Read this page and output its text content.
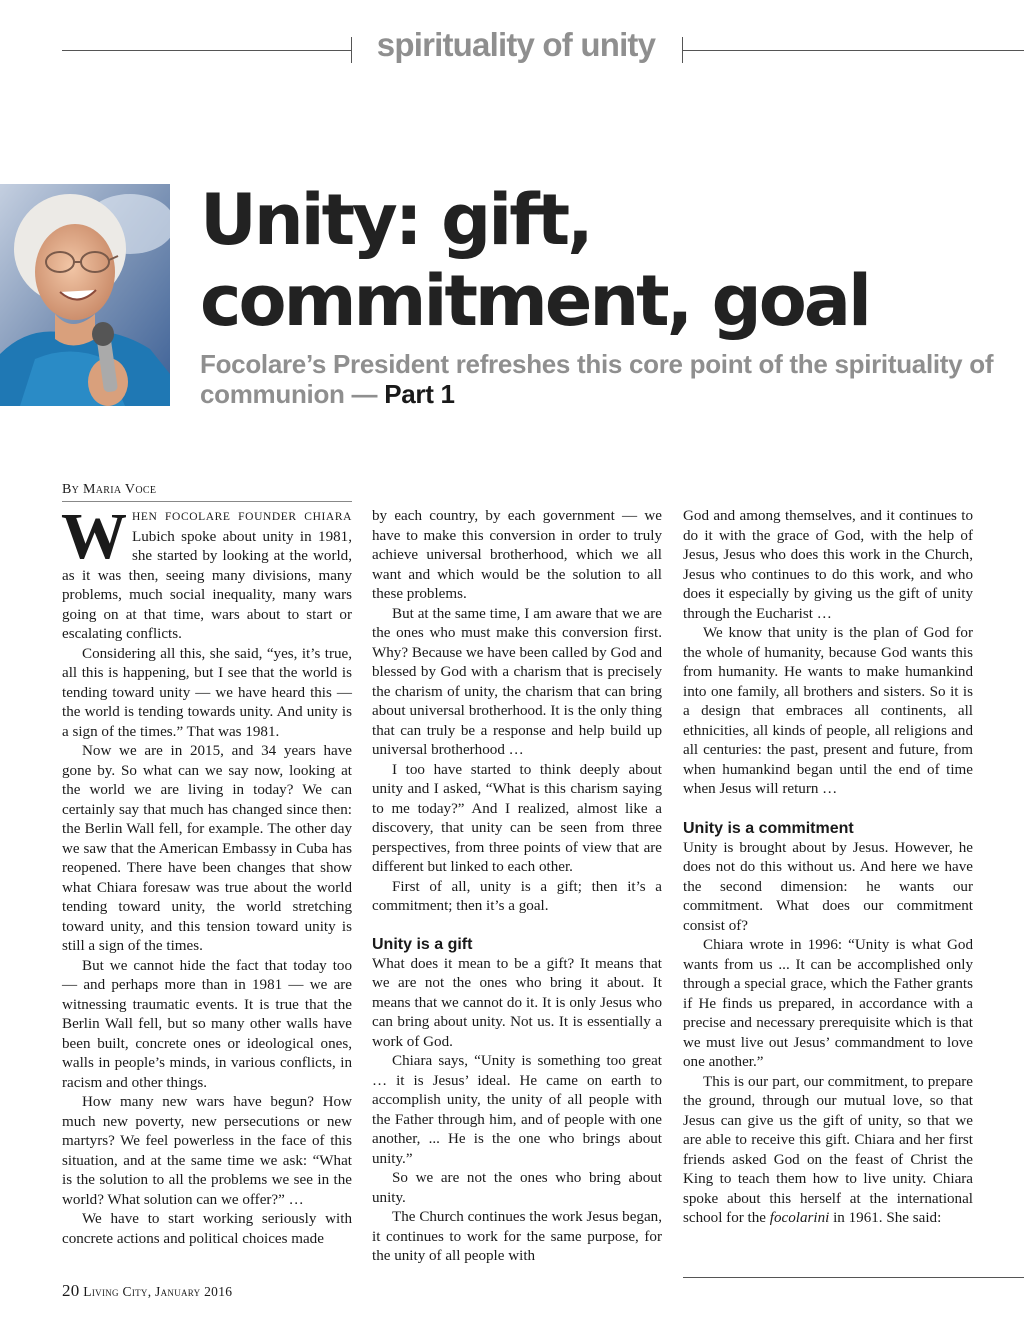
spirituality of unity
Unity: gift,
commitment, goal

Focolare’s President refreshes this core point of the spirituality of communion — Part 1

By Maria Voce

WHEN FOCOLARE FOUNDER CHIARA Lubich spoke about unity in 1981, she started by looking at the world, as it was then, seeing many divisions, many problems, much social inequality, many wars going on at that time, wars about to start or escalating conflicts.

Considering all this, she said, “yes, it’s true, all this is happening, but I see that the world is tending toward unity — we have heard this — the world is tending towards unity. And unity is a sign of the times.” That was 1981.

Now we are in 2015, and 34 years have gone by. So what can we say now, looking at the world we are living in today? We can certainly say that much has changed since then: the Berlin Wall fell, for example. The other day we saw that the American Embassy in Cuba has reopened. There have been changes that show what Chiara foresaw was true about the world tending toward unity, the world stretching toward unity, and this tension toward unity is still a sign of the times.

But we cannot hide the fact that today too — and perhaps more than in 1981 — we are witnessing traumatic events. It is true that the Berlin Wall fell, but so many other walls have been built, concrete ones or ideological ones, walls in people’s minds, in various conflicts, in racism and other things.

How many new wars have begun? How much new poverty, new persecutions or new martyrs? We feel powerless in the face of this situation, and at the same time we ask: “What is the solution to all the problems we see in the world? What solution can we offer?” …

We have to start working seriously with concrete actions and political choices made

by each country, by each government — we have to make this conversion in order to truly achieve universal brotherhood, which we all want and which would be the solution to all these problems.

But at the same time, I am aware that we are the ones who must make this conversion first. Why? Because we have been called by God and blessed by God with a charism that is precisely the charism of unity, the charism that can bring about universal brotherhood. It is the only thing that can truly be a response and help build up universal brotherhood …

I too have started to think deeply about unity and I asked, “What is this charism saying to me today?” And I realized, almost like a discovery, that unity can be seen from three perspectives, from three points of view that are different but linked to each other.

First of all, unity is a gift; then it’s a commitment; then it’s a goal.

Unity is a gift

What does it mean to be a gift? It means that we are not the ones who bring it about. It means that we cannot do it. It is only Jesus who can bring about unity. Not us. It is essentially a work of God.

Chiara says, “Unity is something too great … it is Jesus’ ideal. He came on earth to accomplish unity, the unity of all people with the Father through him, and of people with one another, ... He is the one who brings about unity.”

So we are not the ones who bring about unity.

The Church continues the work Jesus began, it continues to work for the same purpose, for the unity of all people with

God and among themselves, and it continues to do it with the grace of God, with the help of Jesus, Jesus who does this work in the Church, Jesus who continues to do this work, and who does it especially by giving us the gift of unity through the Eucharist …

We know that unity is the plan of God for the whole of humanity, because God wants this from humanity. He wants to make humankind into one family, all brothers and sisters. So it is a design that embraces all continents, all ethnicities, all kinds of people, all religions and all centuries: the past, present and future, from when humankind began until the end of time when Jesus will return …

Unity is a commitment

Unity is brought about by Jesus. However, he does not do this without us. And here we have the second dimension: he wants our commitment. What does our commitment consist of?

Chiara wrote in 1996: “Unity is what God wants from us ... It can be accomplished only through a special grace, which the Father grants if He finds us prepared, in accordance with a precise and necessary prerequisite which is that we must live out Jesus’ commandment to love one another.”

This is our part, our commitment, to prepare the ground, through our mutual love, so that Jesus can give us the gift of unity, so that we are able to receive this gift. Chiara and her first friends asked God on the feast of Christ the King to teach them how to live unity. Chiara spoke about this herself at the international school for the focolarini in 1961. She said:

20 Living City, January 2016
